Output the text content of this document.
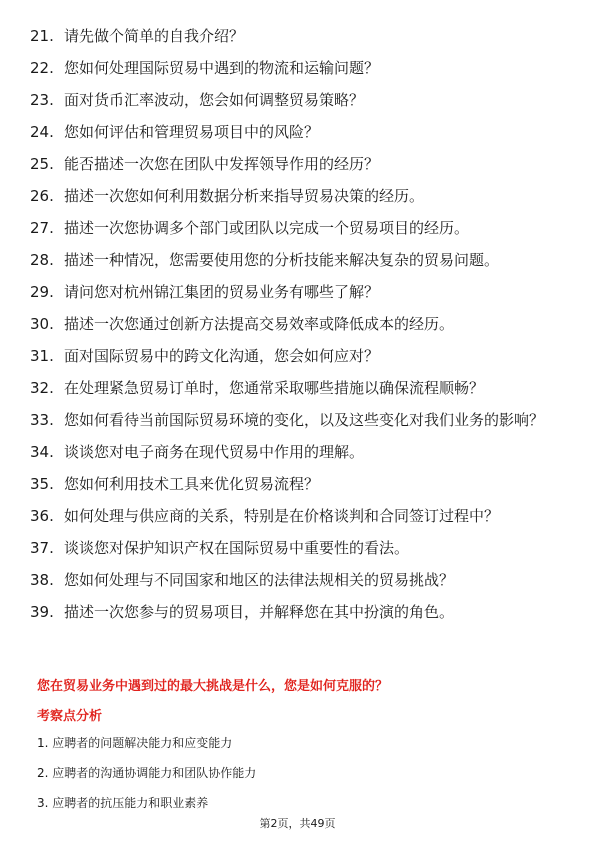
21. 请先做个简单的自我介绍？
22. 您如何处理国际贸易中遇到的物流和运输问题？
23. 面对货币汇率波动，您会如何调整贸易策略？
24. 您如何评估和管理贸易项目中的风险？
25. 能否描述一次您在团队中发挥领导作用的经历？
26. 描述一次您如何利用数据分析来指导贸易决策的经历。
27. 描述一次您协调多个部门或团队以完成一个贸易项目的经历。
28. 描述一种情况，您需要使用您的分析技能来解决复杂的贸易问题。
29. 请问您对杭州锦江集团的贸易业务有哪些了解？
30. 描述一次您通过创新方法提高交易效率或降低成本的经历。
31. 面对国际贸易中的跨文化沟通，您会如何应对？
32. 在处理紧急贸易订单时，您通常采取哪些措施以确保流程顺畅？
33. 您如何看待当前国际贸易环境的变化，以及这些变化对我们业务的影响？
34. 谈谈您对电子商务在现代贸易中作用的理解。
35. 您如何利用技术工具来优化贸易流程？
36. 如何处理与供应商的关系，特别是在价格谈判和合同签订过程中？
37. 谈谈您对保护知识产权在国际贸易中重要性的看法。
38. 您如何处理与不同国家和地区的法律法规相关的贸易挑战？
39. 描述一次您参与的贸易项目，并解释您在其中扮演的角色。
您在贸易业务中遇到过的最大挑战是什么，您是如何克服的？
考察点分析
1. 应聘者的问题解决能力和应变能力
2. 应聘者的沟通协调能力和团队协作能力
3. 应聘者的抗压能力和职业素养
第2页，共49页
